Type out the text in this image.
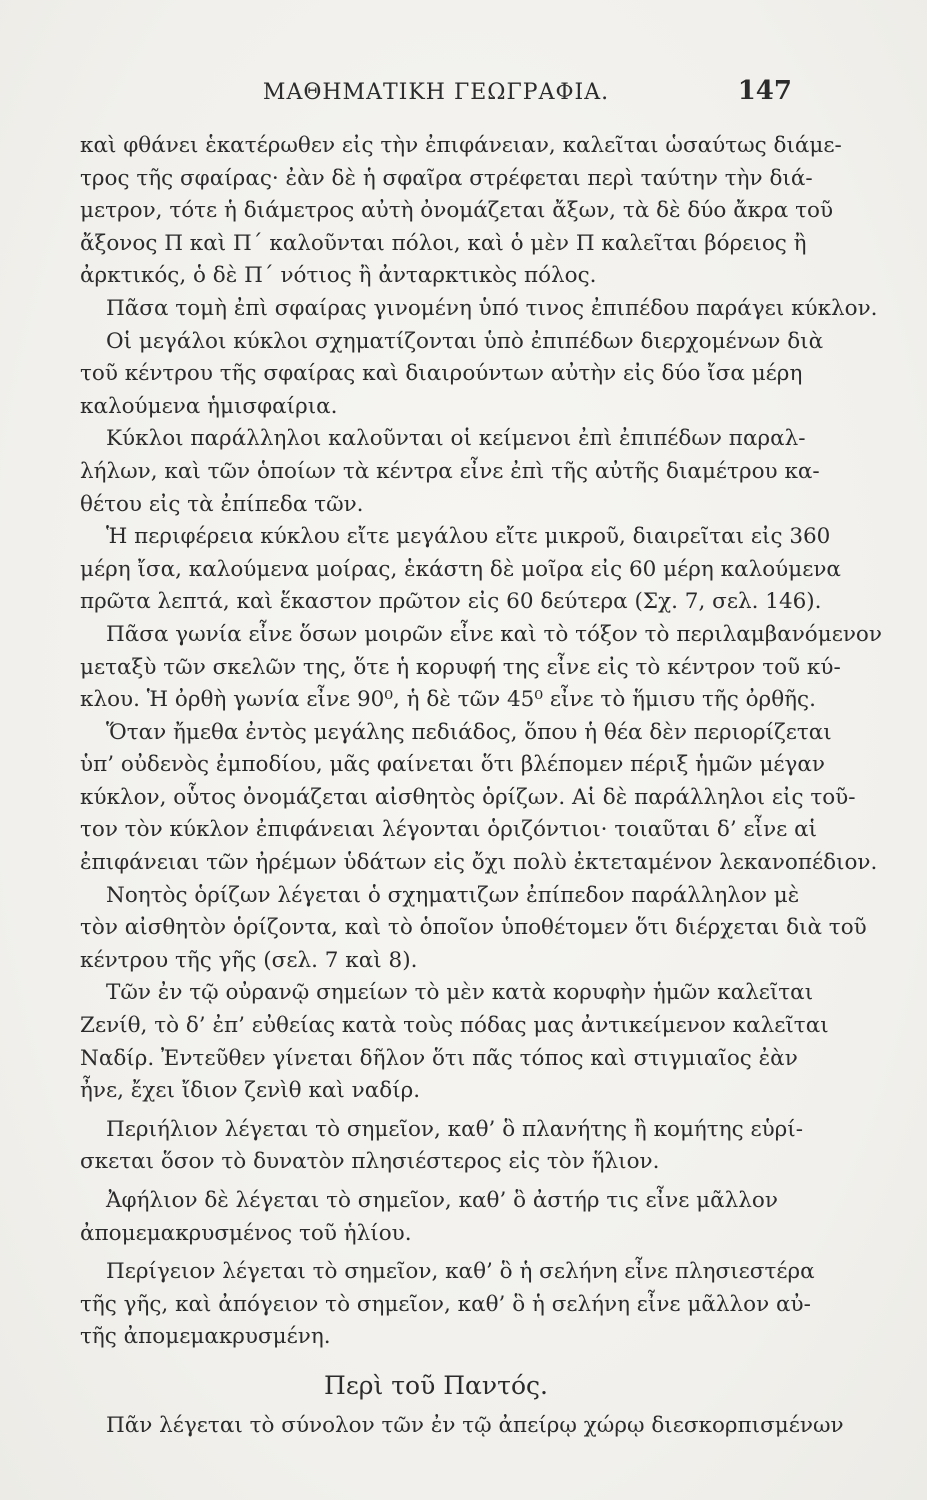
ΜΑΘΗΜΑΤΙΚΗ ΓΕΩΓΡΑΦΙΑ.	147
καὶ φθάνει ἑκατέρωθεν εἰς τὴν ἐπιφάνειαν, καλεῖται ὡσαύτως διάμε-
τρος τῆς σφαίρας· ἐὰν δὲ ἡ σφαῖρα στρέφεται περὶ ταύτην τὴν διά-
μετρον, τότε ἡ διάμετρος αὐτὴ ὀνομάζεται ἄξων, τὰ δὲ δύο ἄκρα τοῦ
ἄξονος Π καὶ Π΄ καλοῦνται πόλοι, καὶ ὁ μὲν Π καλεῖται βόρειος ἢ
ἀρκτικός, ὁ δὲ Π΄ νότιος ἢ ἀνταρκτικὸς πόλος.
Πᾶσα τομὴ ἐπὶ σφαίρας γινομένη ὑπό τινος ἐπιπέδου παράγει κύκλον.
Οἱ μεγάλοι κύκλοι σχηματίζονται ὑπὸ ἐπιπέδων διερχομένων διὰ
τοῦ κέντρου τῆς σφαίρας καὶ διαιρούντων αὐτὴν εἰς δύο ἴσα μέρη
καλούμενα ἡμισφαίρια.
Κύκλοι παράλληλοι καλοῦνται οἱ κείμενοι ἐπὶ ἐπιπέδων παραλ-
λήλων, καὶ τῶν ὁποίων τὰ κέντρα εἶνε ἐπὶ τῆς αὐτῆς διαμέτρου κα-
θέτου εἰς τὰ ἐπίπεδα τῶν.
Ἡ περιφέρεια κύκλου εἴτε μεγάλου εἴτε μικροῦ, διαιρεῖται εἰς 360
μέρη ἴσα, καλούμενα μοίρας, ἑκάστη δὲ μοῖρα εἰς 60 μέρη καλούμενα
πρῶτα λεπτά, καὶ ἕκαστον πρῶτον εἰς 60 δεύτερα (Σχ. 7, σελ. 146).
Πᾶσα γωνία εἶνε ὅσων μοιρῶν εἶνε καὶ τὸ τόξον τὸ περιλαμβανόμενον
μεταξὺ τῶν σκελῶν της, ὅτε ἡ κορυφή της εἶνε εἰς τὸ κέντρον τοῦ κύ-
κλου. Ἡ ὀρθὴ γωνία εἶνε 90⁰, ἡ δὲ τῶν 45⁰ εἶνε τὸ ἥμισυ τῆς ὀρθῆς.
Ὅταν ἤμεθα ἐντὸς μεγάλης πεδιάδος, ὅπου ἡ θέα δὲν περιορίζεται
ὑπ’ οὐδενὸς ἐμποδίου, μᾶς φαίνεται ὅτι βλέπομεν πέριξ ἡμῶν μέγαν
κύκλον, οὗτος ὀνομάζεται αἰσθητὸς ὁρίζων. Αἱ δὲ παράλληλοι εἰς τοῦ-
τον τὸν κύκλον ἐπιφάνειαι λέγονται ὁριζόντιοι· τοιαῦται δ’ εἶνε αἱ
ἐπιφάνειαι τῶν ἠρέμων ὑδάτων εἰς ὄχι πολὺ ἐκτεταμένον λεκανοπέδιον.
Νοητὸς ὁρίζων λέγεται ὁ σχηματιζων ἐπίπεδον παράλληλον μὲ
τὸν αἰσθητὸν ὁρίζοντα, καὶ τὸ ὁποῖον ὑποθέτομεν ὅτι διέρχεται διὰ τοῦ
κέντρου τῆς γῆς (σελ. 7 καὶ 8).
Τῶν ἐν τῷ οὐρανῷ σημείων τὸ μὲν κατὰ κορυφὴν ἡμῶν καλεῖται
Ζενίθ, τὸ δ’ ἐπ’ εὐθείας κατὰ τοὺς πόδας μας ἀντικείμενον καλεῖται
Ναδίρ. Ἐντεῦθεν γίνεται δῆλον ὅτι πᾶς τόπος καὶ στιγμιαῖος ἐὰν
ἦνε, ἔχει ἴδιον ζενὶθ καὶ ναδίρ.
Περιήλιον λέγεται τὸ σημεῖον, καθ’ ὃ πλανήτης ἢ κομήτης εὑρί-
σκεται ὅσον τὸ δυνατὸν πλησιέστερος εἰς τὸν ἥλιον.
Ἀφήλιον δὲ λέγεται τὸ σημεῖον, καθ’ ὃ ἀστήρ τις εἶνε μᾶλλον
ἀπομεμακρυσμένος τοῦ ἡλίου.
Περίγειον λέγεται τὸ σημεῖον, καθ’ ὃ ἡ σελήνη εἶνε πλησιεστέρα
τῆς γῆς, καὶ ἀπόγειον τὸ σημεῖον, καθ’ ὃ ἡ σελήνη εἶνε μᾶλλον αὐ-
τῆς ἀπομεμακρυσμένη.
Περὶ τοῦ Παντός.
Πᾶν λέγεται τὸ σύνολον τῶν ἐν τῷ ἀπείρῳ χώρῳ διεσκορπισμένων
